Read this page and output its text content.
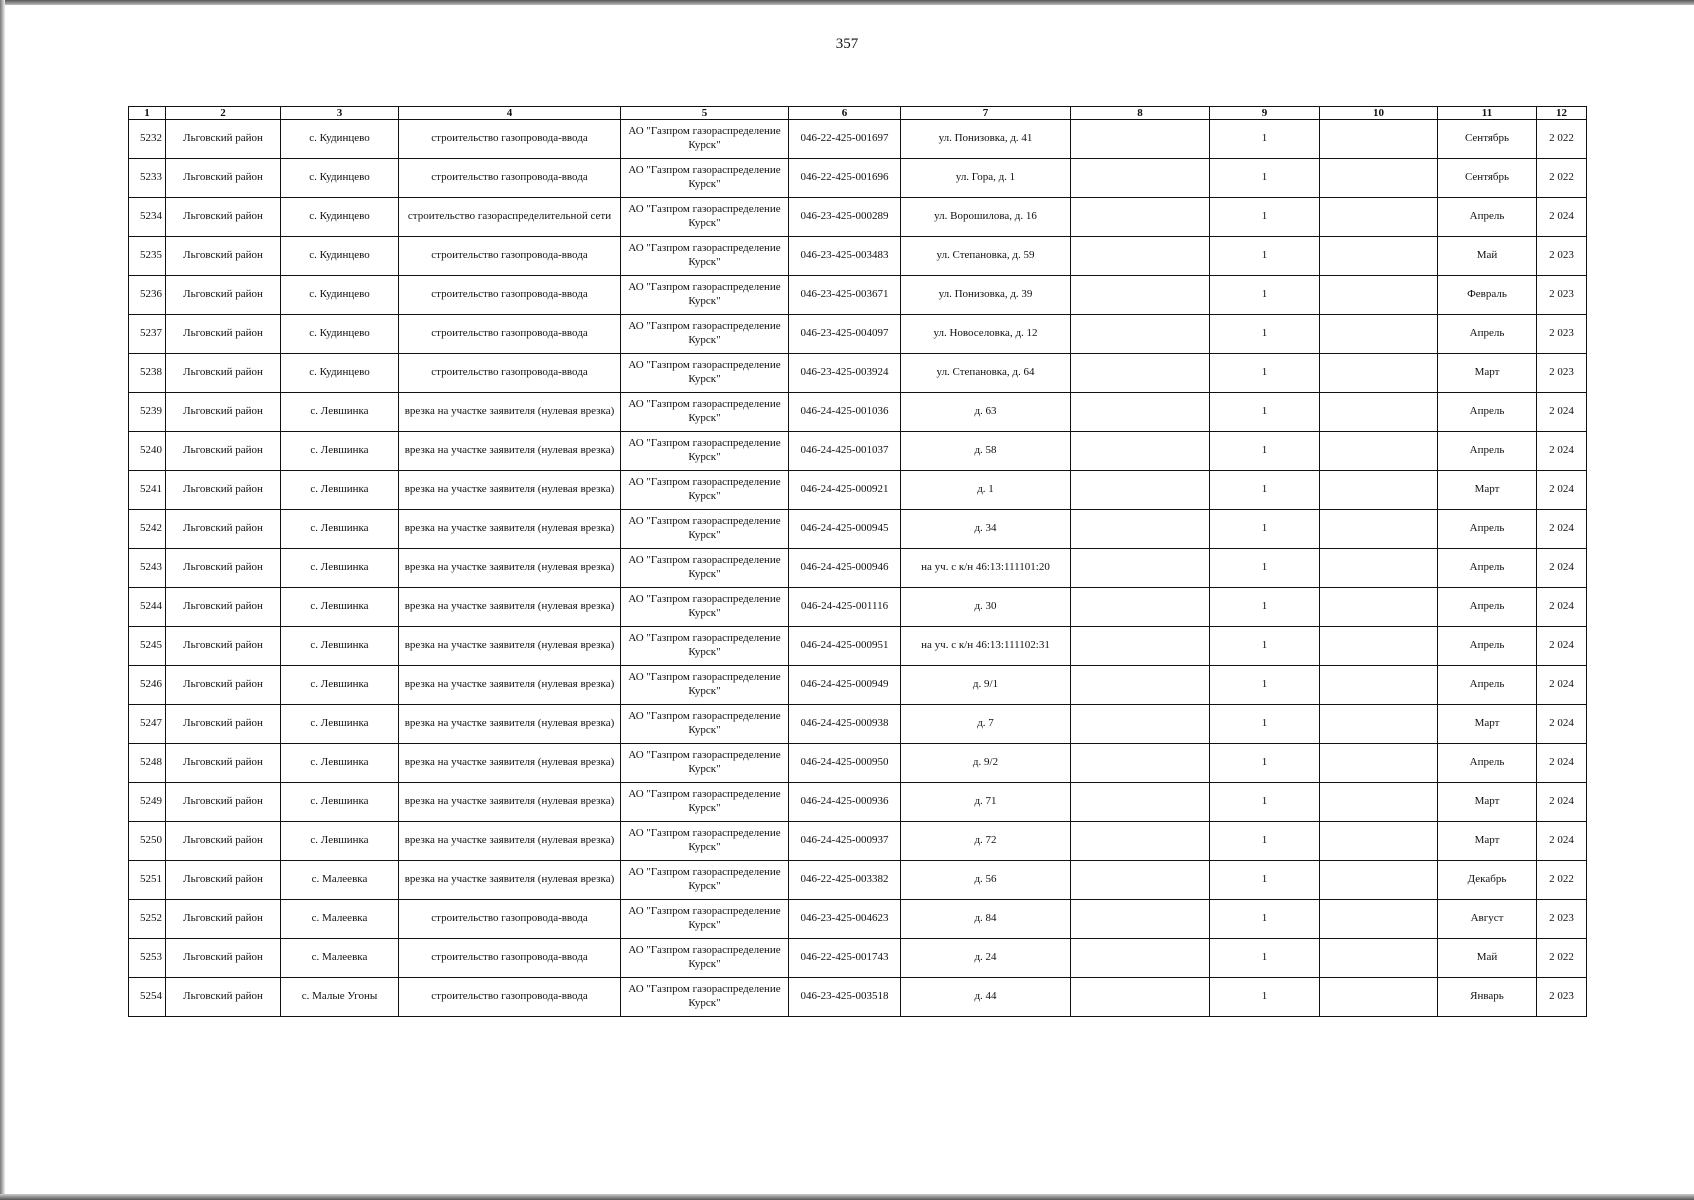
357
1	2	3	4	5	6	7	8	9	10	11	12
5232	Льговский район	с. Кудинцево	строительство газопровода-ввода	АО "Газпром газораспределение Курск"	046-22-425-001697	ул. Понизовка, д. 41		1		Сентябрь	2 022
5233	Льговский район	с. Кудинцево	строительство газопровода-ввода	АО "Газпром газораспределение Курск"	046-22-425-001696	ул. Гора, д. 1		1		Сентябрь	2 022
5234	Льговский район	с. Кудинцево	строительство газораспределительной сети	АО "Газпром газораспределение Курск"	046-23-425-000289	ул. Ворошилова, д. 16		1		Апрель	2 024
5235	Льговский район	с. Кудинцево	строительство газопровода-ввода	АО "Газпром газораспределение Курск"	046-23-425-003483	ул. Степановка, д. 59		1		Май	2 023
5236	Льговский район	с. Кудинцево	строительство газопровода-ввода	АО "Газпром газораспределение Курск"	046-23-425-003671	ул. Понизовка, д. 39		1		Февраль	2 023
5237	Льговский район	с. Кудинцево	строительство газопровода-ввода	АО "Газпром газораспределение Курск"	046-23-425-004097	ул. Новоселовка, д. 12		1		Апрель	2 023
5238	Льговский район	с. Кудинцево	строительство газопровода-ввода	АО "Газпром газораспределение Курск"	046-23-425-003924	ул. Степановка, д. 64		1		Март	2 023
5239	Льговский район	с. Левшинка	врезка на участке заявителя (нулевая врезка)	АО "Газпром газораспределение Курск"	046-24-425-001036	д. 63		1		Апрель	2 024
5240	Льговский район	с. Левшинка	врезка на участке заявителя (нулевая врезка)	АО "Газпром газораспределение Курск"	046-24-425-001037	д. 58		1		Апрель	2 024
5241	Льговский район	с. Левшинка	врезка на участке заявителя (нулевая врезка)	АО "Газпром газораспределение Курск"	046-24-425-000921	д. 1		1		Март	2 024
5242	Льговский район	с. Левшинка	врезка на участке заявителя (нулевая врезка)	АО "Газпром газораспределение Курск"	046-24-425-000945	д. 34		1		Апрель	2 024
5243	Льговский район	с. Левшинка	врезка на участке заявителя (нулевая врезка)	АО "Газпром газораспределение Курск"	046-24-425-000946	на уч. с к/н 46:13:111101:20		1		Апрель	2 024
5244	Льговский район	с. Левшинка	врезка на участке заявителя (нулевая врезка)	АО "Газпром газораспределение Курск"	046-24-425-001116	д. 30		1		Апрель	2 024
5245	Льговский район	с. Левшинка	врезка на участке заявителя (нулевая врезка)	АО "Газпром газораспределение Курск"	046-24-425-000951	на уч. с к/н 46:13:111102:31		1		Апрель	2 024
5246	Льговский район	с. Левшинка	врезка на участке заявителя (нулевая врезка)	АО "Газпром газораспределение Курск"	046-24-425-000949	д. 9/1		1		Апрель	2 024
5247	Льговский район	с. Левшинка	врезка на участке заявителя (нулевая врезка)	АО "Газпром газораспределение Курск"	046-24-425-000938	д. 7		1		Март	2 024
5248	Льговский район	с. Левшинка	врезка на участке заявителя (нулевая врезка)	АО "Газпром газораспределение Курск"	046-24-425-000950	д. 9/2		1		Апрель	2 024
5249	Льговский район	с. Левшинка	врезка на участке заявителя (нулевая врезка)	АО "Газпром газораспределение Курск"	046-24-425-000936	д. 71		1		Март	2 024
5250	Льговский район	с. Левшинка	врезка на участке заявителя (нулевая врезка)	АО "Газпром газораспределение Курск"	046-24-425-000937	д. 72		1		Март	2 024
5251	Льговский район	с. Малеевка	врезка на участке заявителя (нулевая врезка)	АО "Газпром газораспределение Курск"	046-22-425-003382	д. 56		1		Декабрь	2 022
5252	Льговский район	с. Малеевка	строительство газопровода-ввода	АО "Газпром газораспределение Курск"	046-23-425-004623	д. 84		1		Август	2 023
5253	Льговский район	с. Малеевка	строительство газопровода-ввода	АО "Газпром газораспределение Курск"	046-22-425-001743	д. 24		1		Май	2 022
5254	Льговский район	с. Малые Угоны	строительство газопровода-ввода	АО "Газпром газораспределение Курск"	046-23-425-003518	д. 44		1		Январь	2 023
